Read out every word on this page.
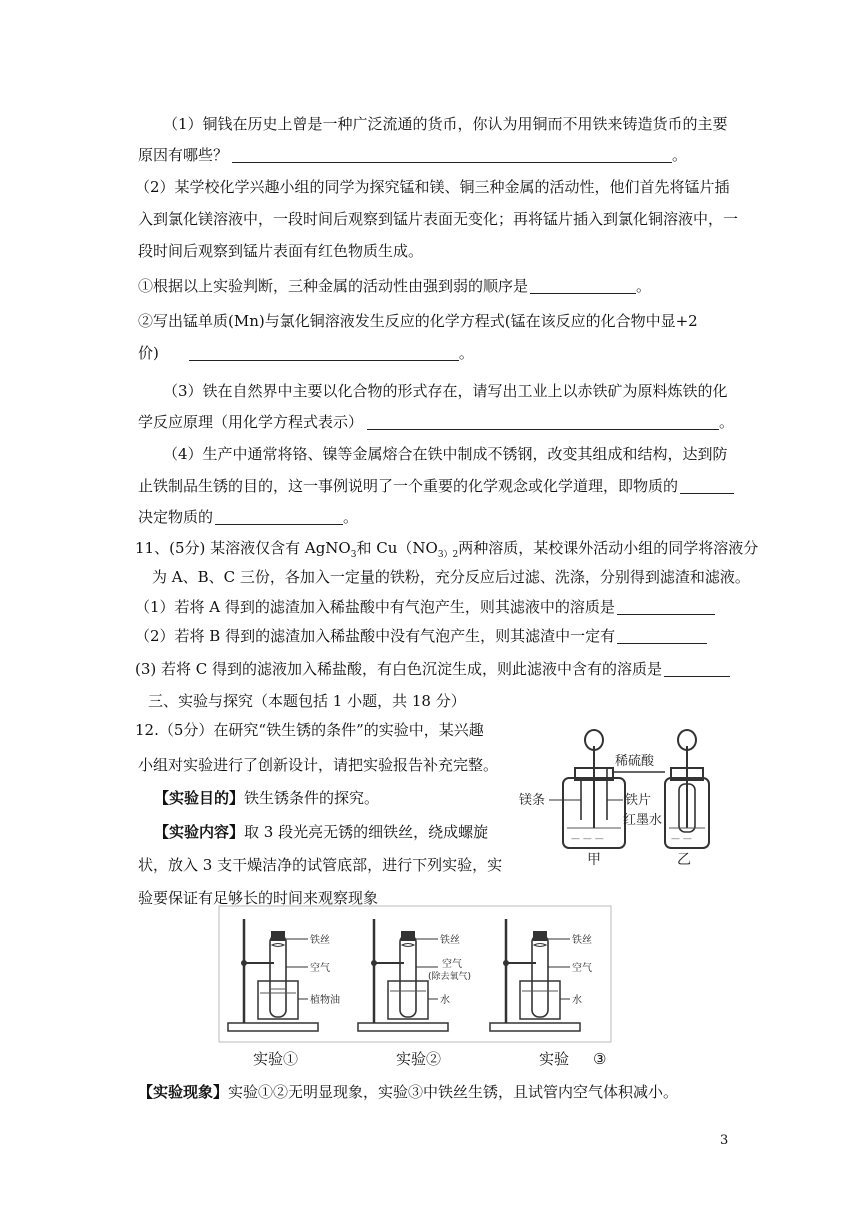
（1）铜钱在历史上曾是一种广泛流通的货币，你认为用铜而不用铁来铸造货币的主要
原因有哪些？	。
（2）某学校化学兴趣小组的同学为探究锰和镁、铜三种金属的活动性，他们首先将锰片插
入到氯化镁溶液中，一段时间后观察到锰片表面无变化；再将锰片插入到氯化铜溶液中，一
段时间后观察到锰片表面有红色物质生成。
①根据以上实验判断，三种金属的活动性由强到弱的顺序是	。
②写出锰单质(Mn)与氯化铜溶液发生反应的化学方程式(锰在该反应的化合物中显+2
价)	。
（3）铁在自然界中主要以化合物的形式存在，请写出工业上以赤铁矿为原料炼铁的化
学反应原理（用化学方程式表示）	。
（4）生产中通常将铬、镍等金属熔合在铁中制成不锈钢，改变其组成和结构，达到防
止铁制品生锈的目的，这一事例说明了一个重要的化学观念或化学道理，即物质的
决定物质的	。
11、(5分) 某溶液仅含有 AgNO$_3$和 $Cu(NO_{3)2}$两种溶质，某校课外活动小组的同学将溶液分
为 A、B、C 三份，各加入一定量的铁粉，充分反应后过滤、洗涤，分别得到滤渣和滤液。
（1）若将 A 得到的滤渣加入稀盐酸中有气泡产生，则其滤液中的溶质是
（2）若将 B 得到的滤渣加入稀盐酸中没有气泡产生，则其滤渣中一定有
(3) 若将 C 得到的滤液加入稀盐酸，有白色沉淀生成，则此滤液中含有的溶质是
三、实验与探究（本题包括 1 小题，共 18 分）
12.（5分）在研究“铁生锈的条件”的实验中，某兴趣
小组对实验进行了创新设计，请把实验报告补充完整。
【实验目的】铁生锈条件的探究。
【实验内容】取 3 段光亮无锈的细铁丝，绕成螺旋
状，放入 3 支干燥洁净的试管底部，进行下列实验，实
验要保证有足够长的时间来观察现象
— — —	— —
稀硫酸
镁条	铁片
红墨水
甲	乙
铁丝
空气
植物油
铁丝
空气
(除去氧气)
水
铁丝
空气
水
实验①	实验②	实验 ③
【实验现象】实验①②无明显现象，实验③中铁丝生锈，且试管内空气体积减小。
3
